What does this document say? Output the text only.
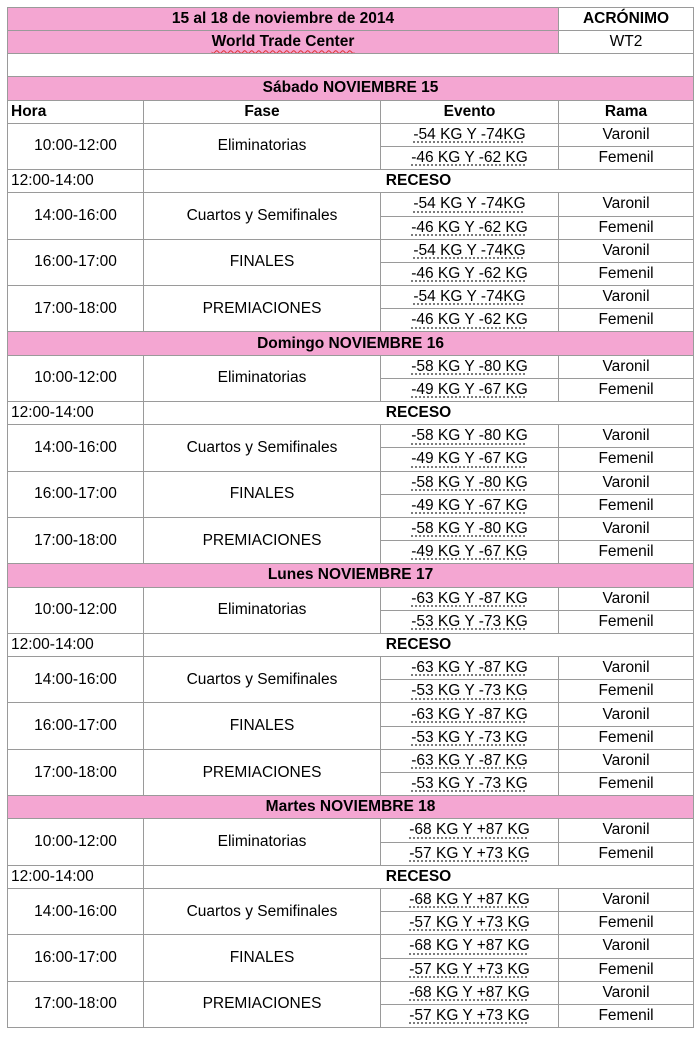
15 al 18 de noviembre de 2014			ACRÓNIMO
World Trade Center			WT2

Sábado NOVIEMBRE 15			
Hora	Fase	Evento	Rama
10:00-12:00	Eliminatorias	-54 KG Y -74KG	Varonil
		-46 KG Y -62 KG	Femenil
12:00-14:00	RECESO		
14:00-16:00	Cuartos y Semifinales	-54 KG Y -74KG	Varonil
		-46 KG Y -62 KG	Femenil
16:00-17:00	FINALES	-54 KG Y -74KG	Varonil
		-46 KG Y -62 KG	Femenil
17:00-18:00	PREMIACIONES	-54 KG Y -74KG	Varonil
		-46 KG Y -62 KG	Femenil
Domingo NOVIEMBRE 16			
10:00-12:00	Eliminatorias	-58 KG Y -80 KG	Varonil
		-49 KG Y -67 KG	Femenil
12:00-14:00	RECESO		
14:00-16:00	Cuartos y Semifinales	-58 KG Y -80 KG	Varonil
		-49 KG Y -67 KG	Femenil
16:00-17:00	FINALES	-58 KG Y -80 KG	Varonil
		-49 KG Y -67 KG	Femenil
17:00-18:00	PREMIACIONES	-58 KG Y -80 KG	Varonil
		-49 KG Y -67 KG	Femenil
Lunes NOVIEMBRE 17			
10:00-12:00	Eliminatorias	-63 KG Y -87 KG	Varonil
		-53 KG Y -73 KG	Femenil
12:00-14:00	RECESO		
14:00-16:00	Cuartos y Semifinales	-63 KG Y -87 KG	Varonil
		-53 KG Y -73 KG	Femenil
16:00-17:00	FINALES	-63 KG Y -87 KG	Varonil
		-53 KG Y -73 KG	Femenil
17:00-18:00	PREMIACIONES	-63 KG Y -87 KG	Varonil
		-53 KG Y -73 KG	Femenil
Martes NOVIEMBRE 18			
10:00-12:00	Eliminatorias	-68 KG Y +87 KG	Varonil
		-57 KG Y +73 KG	Femenil
12:00-14:00	RECESO		
14:00-16:00	Cuartos y Semifinales	-68 KG Y +87 KG	Varonil
		-57 KG Y +73 KG	Femenil
16:00-17:00	FINALES	-68 KG Y +87 KG	Varonil
		-57 KG Y +73 KG	Femenil
17:00-18:00	PREMIACIONES	-68 KG Y +87 KG	Varonil
		-57 KG Y +73 KG	Femenil
